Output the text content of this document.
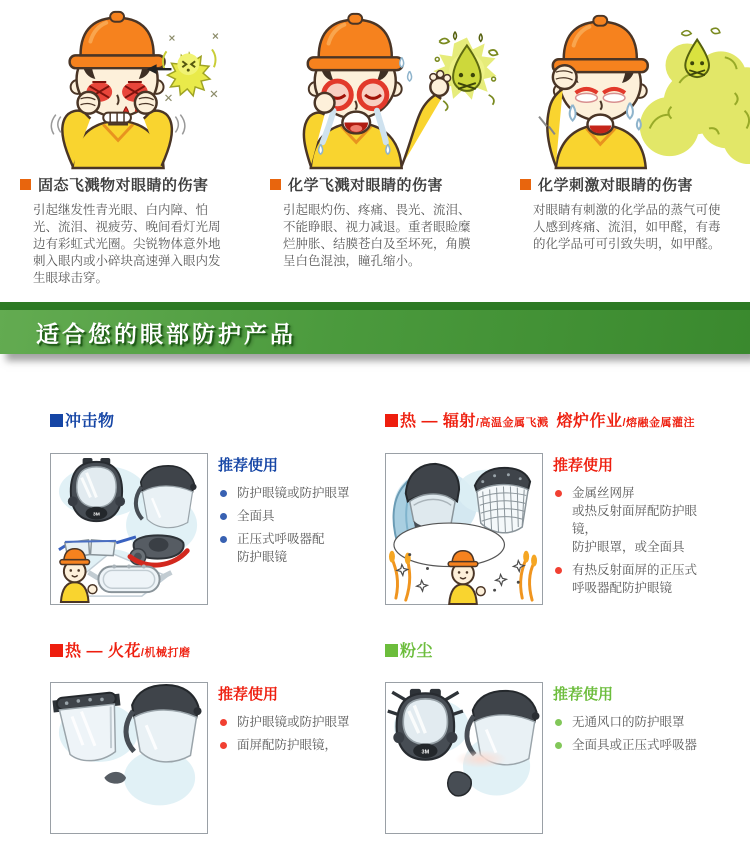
固态飞溅物对眼睛的伤害

引起继发性青光眼、白内障、怕光、流泪、视疲劳、晚间看灯光周边有彩虹式光圈。尖锐物体意外地刺入眼内或小碎块高速弹入眼内发生眼球击穿。

化学飞溅对眼睛的伤害

引起眼灼伤、疼痛、畏光、流泪、不能睁眼、视力减退。重者眼睑糜烂肿胀、结膜苍白及至坏死，角膜呈白色混浊，瞳孔缩小。

化学刺激对眼睛的伤害

对眼睛有刺激的化学品的蒸气可使人感到疼痛、流泪，如甲醛，有毒的化学品可可引致失明，如甲醛。

适合您的眼部防护产品
冲击物
推荐使用
防护眼镜或防护眼罩
全面具
正压式呼吸器配
防护眼镜
热 — 辐射/高温金属飞溅 熔炉作业/熔融金属灌注
推荐使用
金属丝网屏
或热反射面屏配防护眼镜，
防护眼罩，或全面具
有热反射面屏的正压式
呼吸器配防护眼镜
热 — 火花/机械打磨
推荐使用
防护眼镜或防护眼罩
面屏配防护眼镜，
粉尘
推荐使用
无通风口的防护眼罩
全面具或正压式呼吸器
